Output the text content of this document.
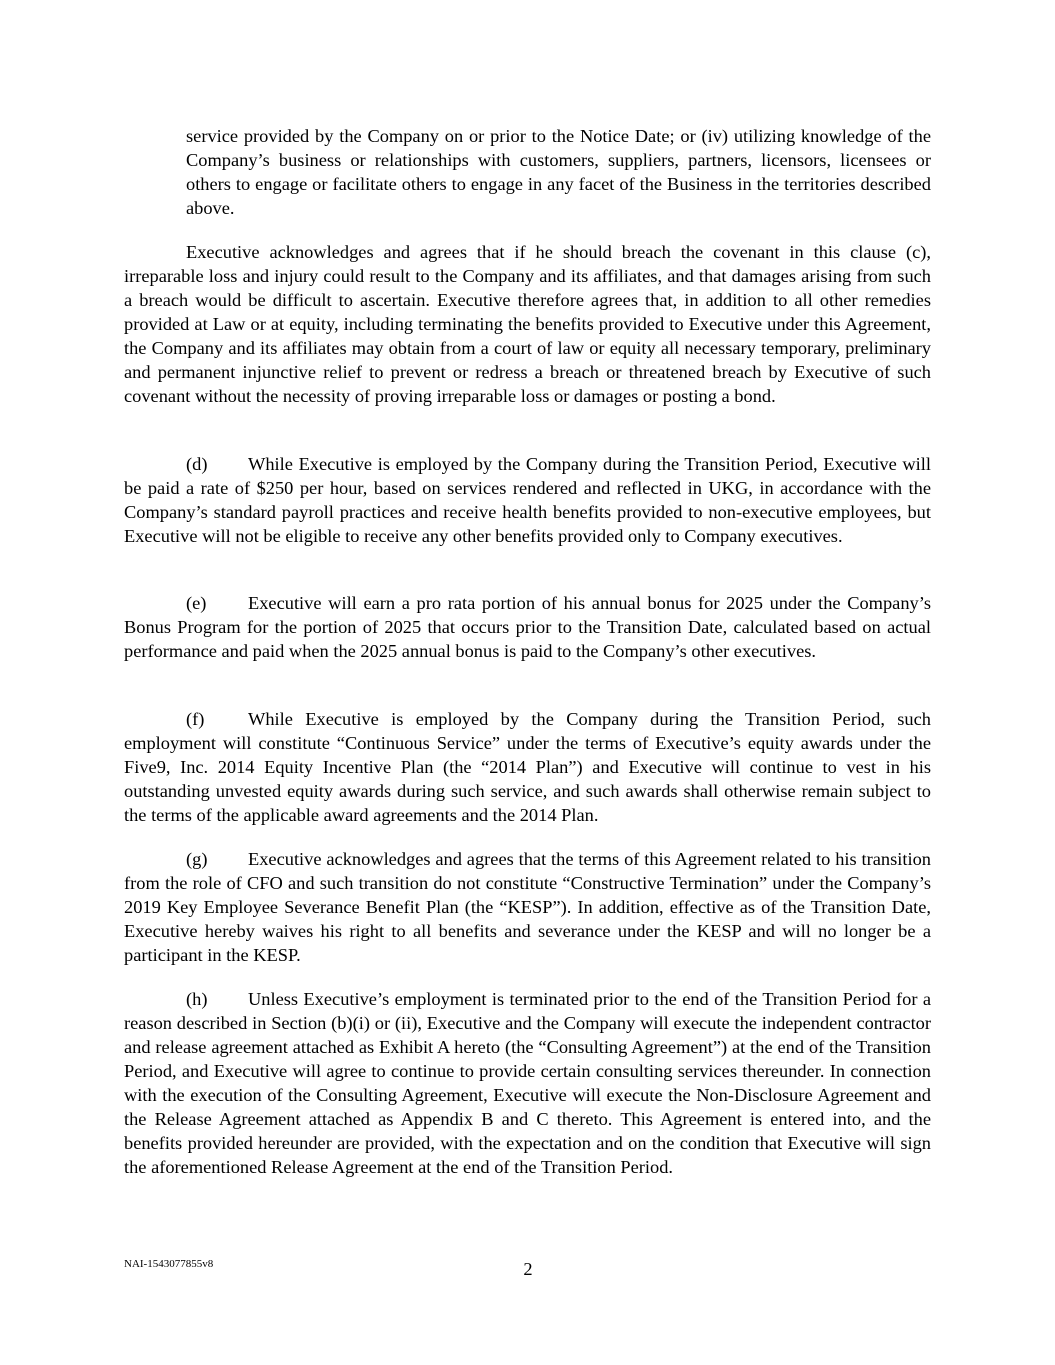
service provided by the Company on or prior to the Notice Date; or (iv) utilizing knowledge of the Company’s business or relationships with customers, suppliers, partners, licensors, licensees or others to engage or facilitate others to engage in any facet of the Business in the territories described above.

Executive acknowledges and agrees that if he should breach the covenant in this clause (c), irreparable loss and injury could result to the Company and its affiliates, and that damages arising from such a breach would be difficult to ascertain. Executive therefore agrees that, in addition to all other remedies provided at Law or at equity, including terminating the benefits provided to Executive under this Agreement, the Company and its affiliates may obtain from a court of law or equity all necessary temporary, preliminary and permanent injunctive relief to prevent or redress a breach or threatened breach by Executive of such covenant without the necessity of proving irreparable loss or damages or posting a bond.

(d) While Executive is employed by the Company during the Transition Period, Executive will be paid a rate of $250 per hour, based on services rendered and reflected in UKG, in accordance with the Company’s standard payroll practices and receive health benefits provided to non-executive employees, but Executive will not be eligible to receive any other benefits provided only to Company executives.

(e) Executive will earn a pro rata portion of his annual bonus for 2025 under the Company’s Bonus Program for the portion of 2025 that occurs prior to the Transition Date, calculated based on actual performance and paid when the 2025 annual bonus is paid to the Company’s other executives.

(f) While Executive is employed by the Company during the Transition Period, such employment will constitute “Continuous Service” under the terms of Executive’s equity awards under the Five9, Inc. 2014 Equity Incentive Plan (the “2014 Plan”) and Executive will continue to vest in his outstanding unvested equity awards during such service, and such awards shall otherwise remain subject to the terms of the applicable award agreements and the 2014 Plan.

(g) Executive acknowledges and agrees that the terms of this Agreement related to his transition from the role of CFO and such transition do not constitute “Constructive Termination” under the Company’s 2019 Key Employee Severance Benefit Plan (the “KESP”). In addition, effective as of the Transition Date, Executive hereby waives his right to all benefits and severance under the KESP and will no longer be a participant in the KESP.

(h) Unless Executive’s employment is terminated prior to the end of the Transition Period for a reason described in Section (b)(i) or (ii), Executive and the Company will execute the independent contractor and release agreement attached as Exhibit A hereto (the “Consulting Agreement”) at the end of the Transition Period, and Executive will agree to continue to provide certain consulting services thereunder. In connection with the execution of the Consulting Agreement, Executive will execute the Non-Disclosure Agreement and the Release Agreement attached as Appendix B and C thereto. This Agreement is entered into, and the benefits provided hereunder are provided, with the expectation and on the condition that Executive will sign the aforementioned Release Agreement at the end of the Transition Period.

NAI-1543077855v8	2
